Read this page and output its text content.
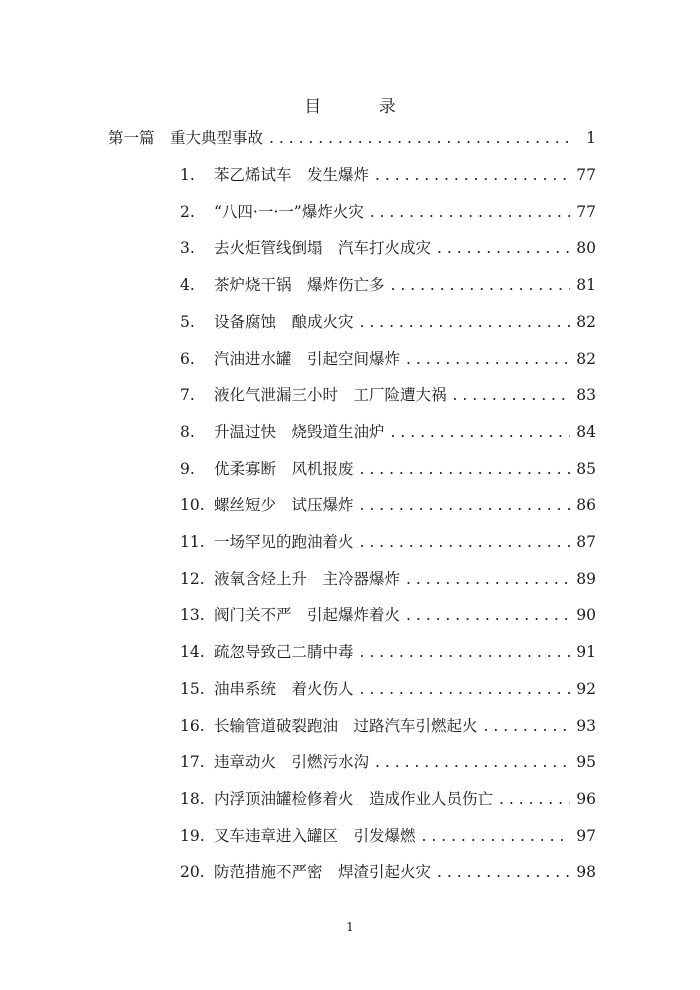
目 录
第一篇 重大典型事故 . . .	1
1.	苯乙烯试车　发生爆炸 . . .	77
2.	“八四·一·一”爆炸火灾 . . .	77
3.	去火炬管线倒塌　汽车打火成灾 . . .	80
4.	茶炉烧干锅　爆炸伤亡多 . . .	81
5.	设备腐蚀　酿成火灾 . . .	82
6.	汽油进水罐　引起空间爆炸 . . .	82
7.	液化气泄漏三小时　工厂险遭大祸 . . .	83
8.	升温过快　烧毁道生油炉 . . .	84
9.	优柔寡断　风机报废 . . .	85
10. 螺丝短少　试压爆炸 . . .	86
11. 一场罕见的跑油着火 . . .	87
12. 液氧含烃上升　主冷器爆炸 . . .	89
13. 阀门关不严　引起爆炸着火 . . .	90
14. 疏忽导致己二腈中毒 . . .	91
15. 油串系统　着火伤人 . . .	92
16. 长输管道破裂跑油　过路汽车引燃起火 . . .	93
17. 违章动火　引燃污水沟 . . .	95
18. 内浮顶油罐检修着火　造成作业人员伤亡 . . .	96
19. 叉车违章进入罐区　引发爆燃 . . .	97
20. 防范措施不严密　焊渣引起火灾 . . .	98
1
